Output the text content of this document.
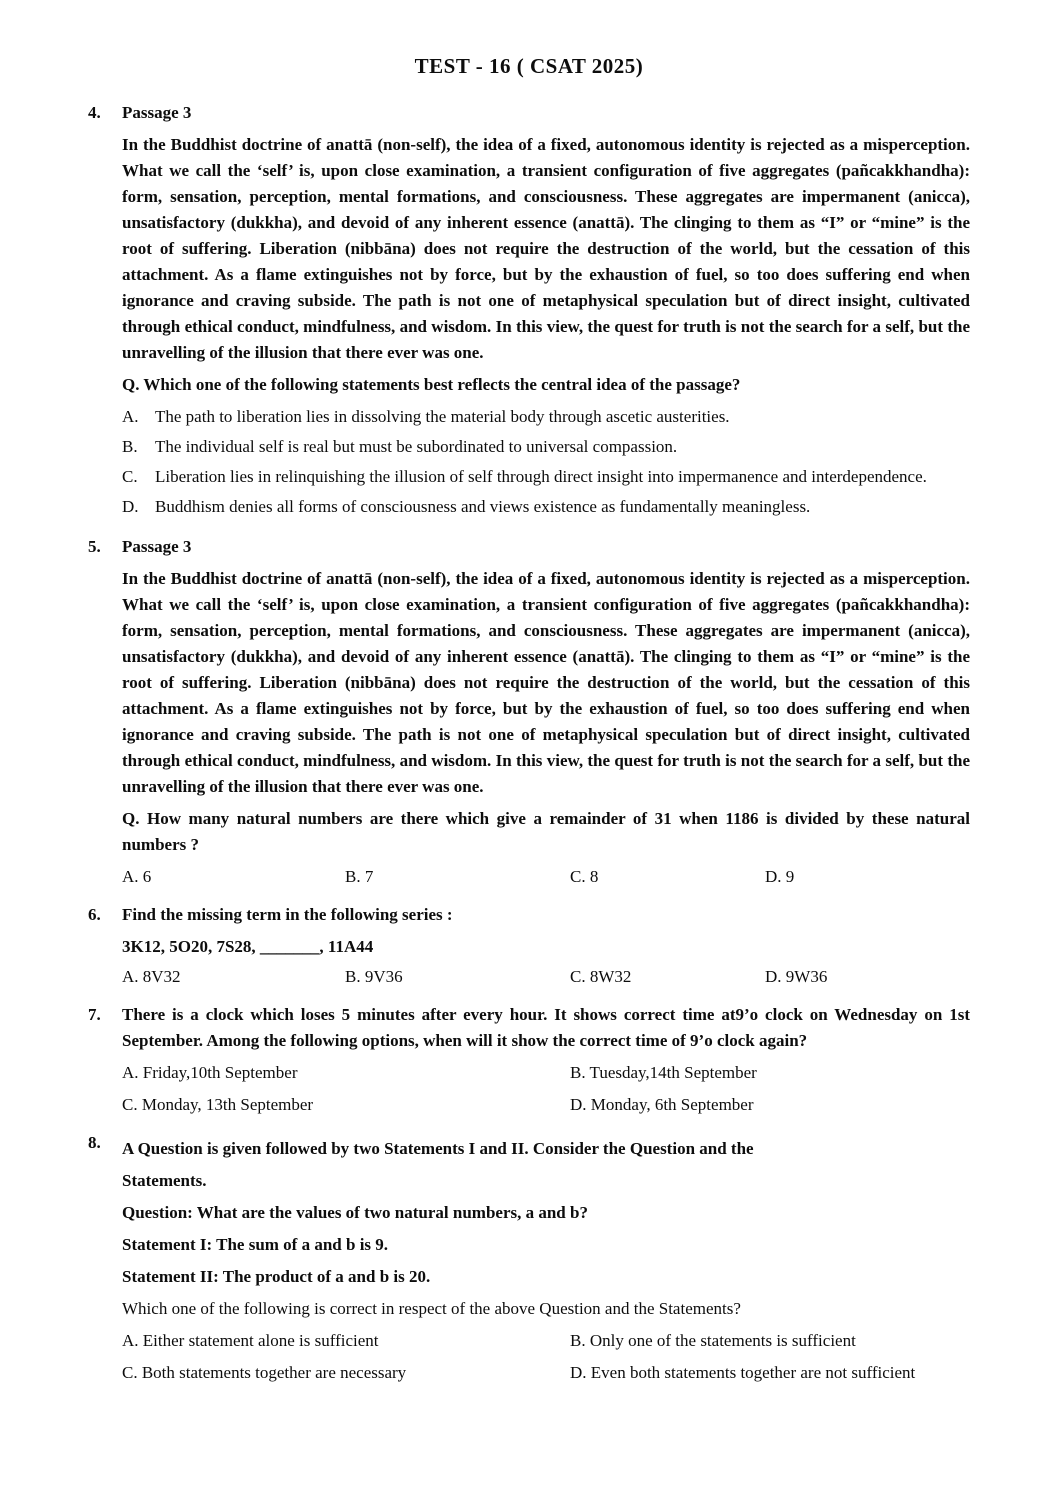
TEST - 16 ( CSAT 2025)
4.	Passage 3

In the Buddhist doctrine of anattā (non-self), the idea of a fixed, autonomous identity is rejected as a misperception. What we call the ‘self’ is, upon close examination, a transient configuration of five aggregates (pañcakkhandha): form, sensation, perception, mental formations, and consciousness. These aggregates are impermanent (anicca), unsatisfactory (dukkha), and devoid of any inherent essence (anattā). The clinging to them as “I” or “mine” is the root of suffering. Liberation (nibbāna) does not require the destruction of the world, but the cessation of this attachment. As a flame extinguishes not by force, but by the exhaustion of fuel, so too does suffering end when ignorance and craving subside. The path is not one of metaphysical speculation but of direct insight, cultivated through ethical conduct, mindfulness, and wisdom. In this view, the quest for truth is not the search for a self, but the unravelling of the illusion that there ever was one.

Q. Which one of the following statements best reflects the central idea of the passage?

A. The path to liberation lies in dissolving the material body through ascetic austerities.
B.	The individual self is real but must be subordinated to universal compassion.
C.	Liberation lies in relinquishing the illusion of self through direct insight into impermanence and interdependence.
D. Buddhism denies all forms of consciousness and views existence as fundamentally meaningless.
5.	Passage 3

In the Buddhist doctrine of anattā (non-self), the idea of a fixed, autonomous identity is rejected as a misperception. What we call the ‘self’ is, upon close examination, a transient configuration of five aggregates (pañcakkhandha): form, sensation, perception, mental formations, and consciousness. These aggregates are impermanent (anicca), unsatisfactory (dukkha), and devoid of any inherent essence (anattā). The clinging to them as “I” or “mine” is the root of suffering. Liberation (nibbāna) does not require the destruction of the world, but the cessation of this attachment. As a flame extinguishes not by force, but by the exhaustion of fuel, so too does suffering end when ignorance and craving subside. The path is not one of metaphysical speculation but of direct insight, cultivated through ethical conduct, mindfulness, and wisdom. In this view, the quest for truth is not the search for a self, but the unravelling of the illusion that there ever was one.

Q. How many natural numbers are there which give a remainder of 31 when 1186 is divided by these natural numbers ?

A. 6	B. 7	C. 8	D. 9
6.	Find the missing term in the following series :

3K12, 5O20, 7S28, _______, 11A44

A. 8V32	B. 9V36	C. 8W32	D. 9W36
7.	There is a clock which loses 5 minutes after every hour. It shows correct time at9’o clock on Wednesday on 1st September. Among the following options, when will it show the correct time of 9’o clock again?

A. Friday,10th September	B. Tuesday,14th September
C. Monday, 13th September	D. Monday, 6th September
8.	A Question is given followed by two Statements I and II. Consider the Question and the

Statements.

Question: What are the values of two natural numbers, a and b?

Statement I: The sum of a and b is 9.

Statement II: The product of a and b is 20.

Which one of the following is correct in respect of the above Question and the Statements?

A. Either statement alone is sufficient	B. Only one of the statements is sufficient
C. Both statements together are necessary	D. Even both statements together are not sufficient
